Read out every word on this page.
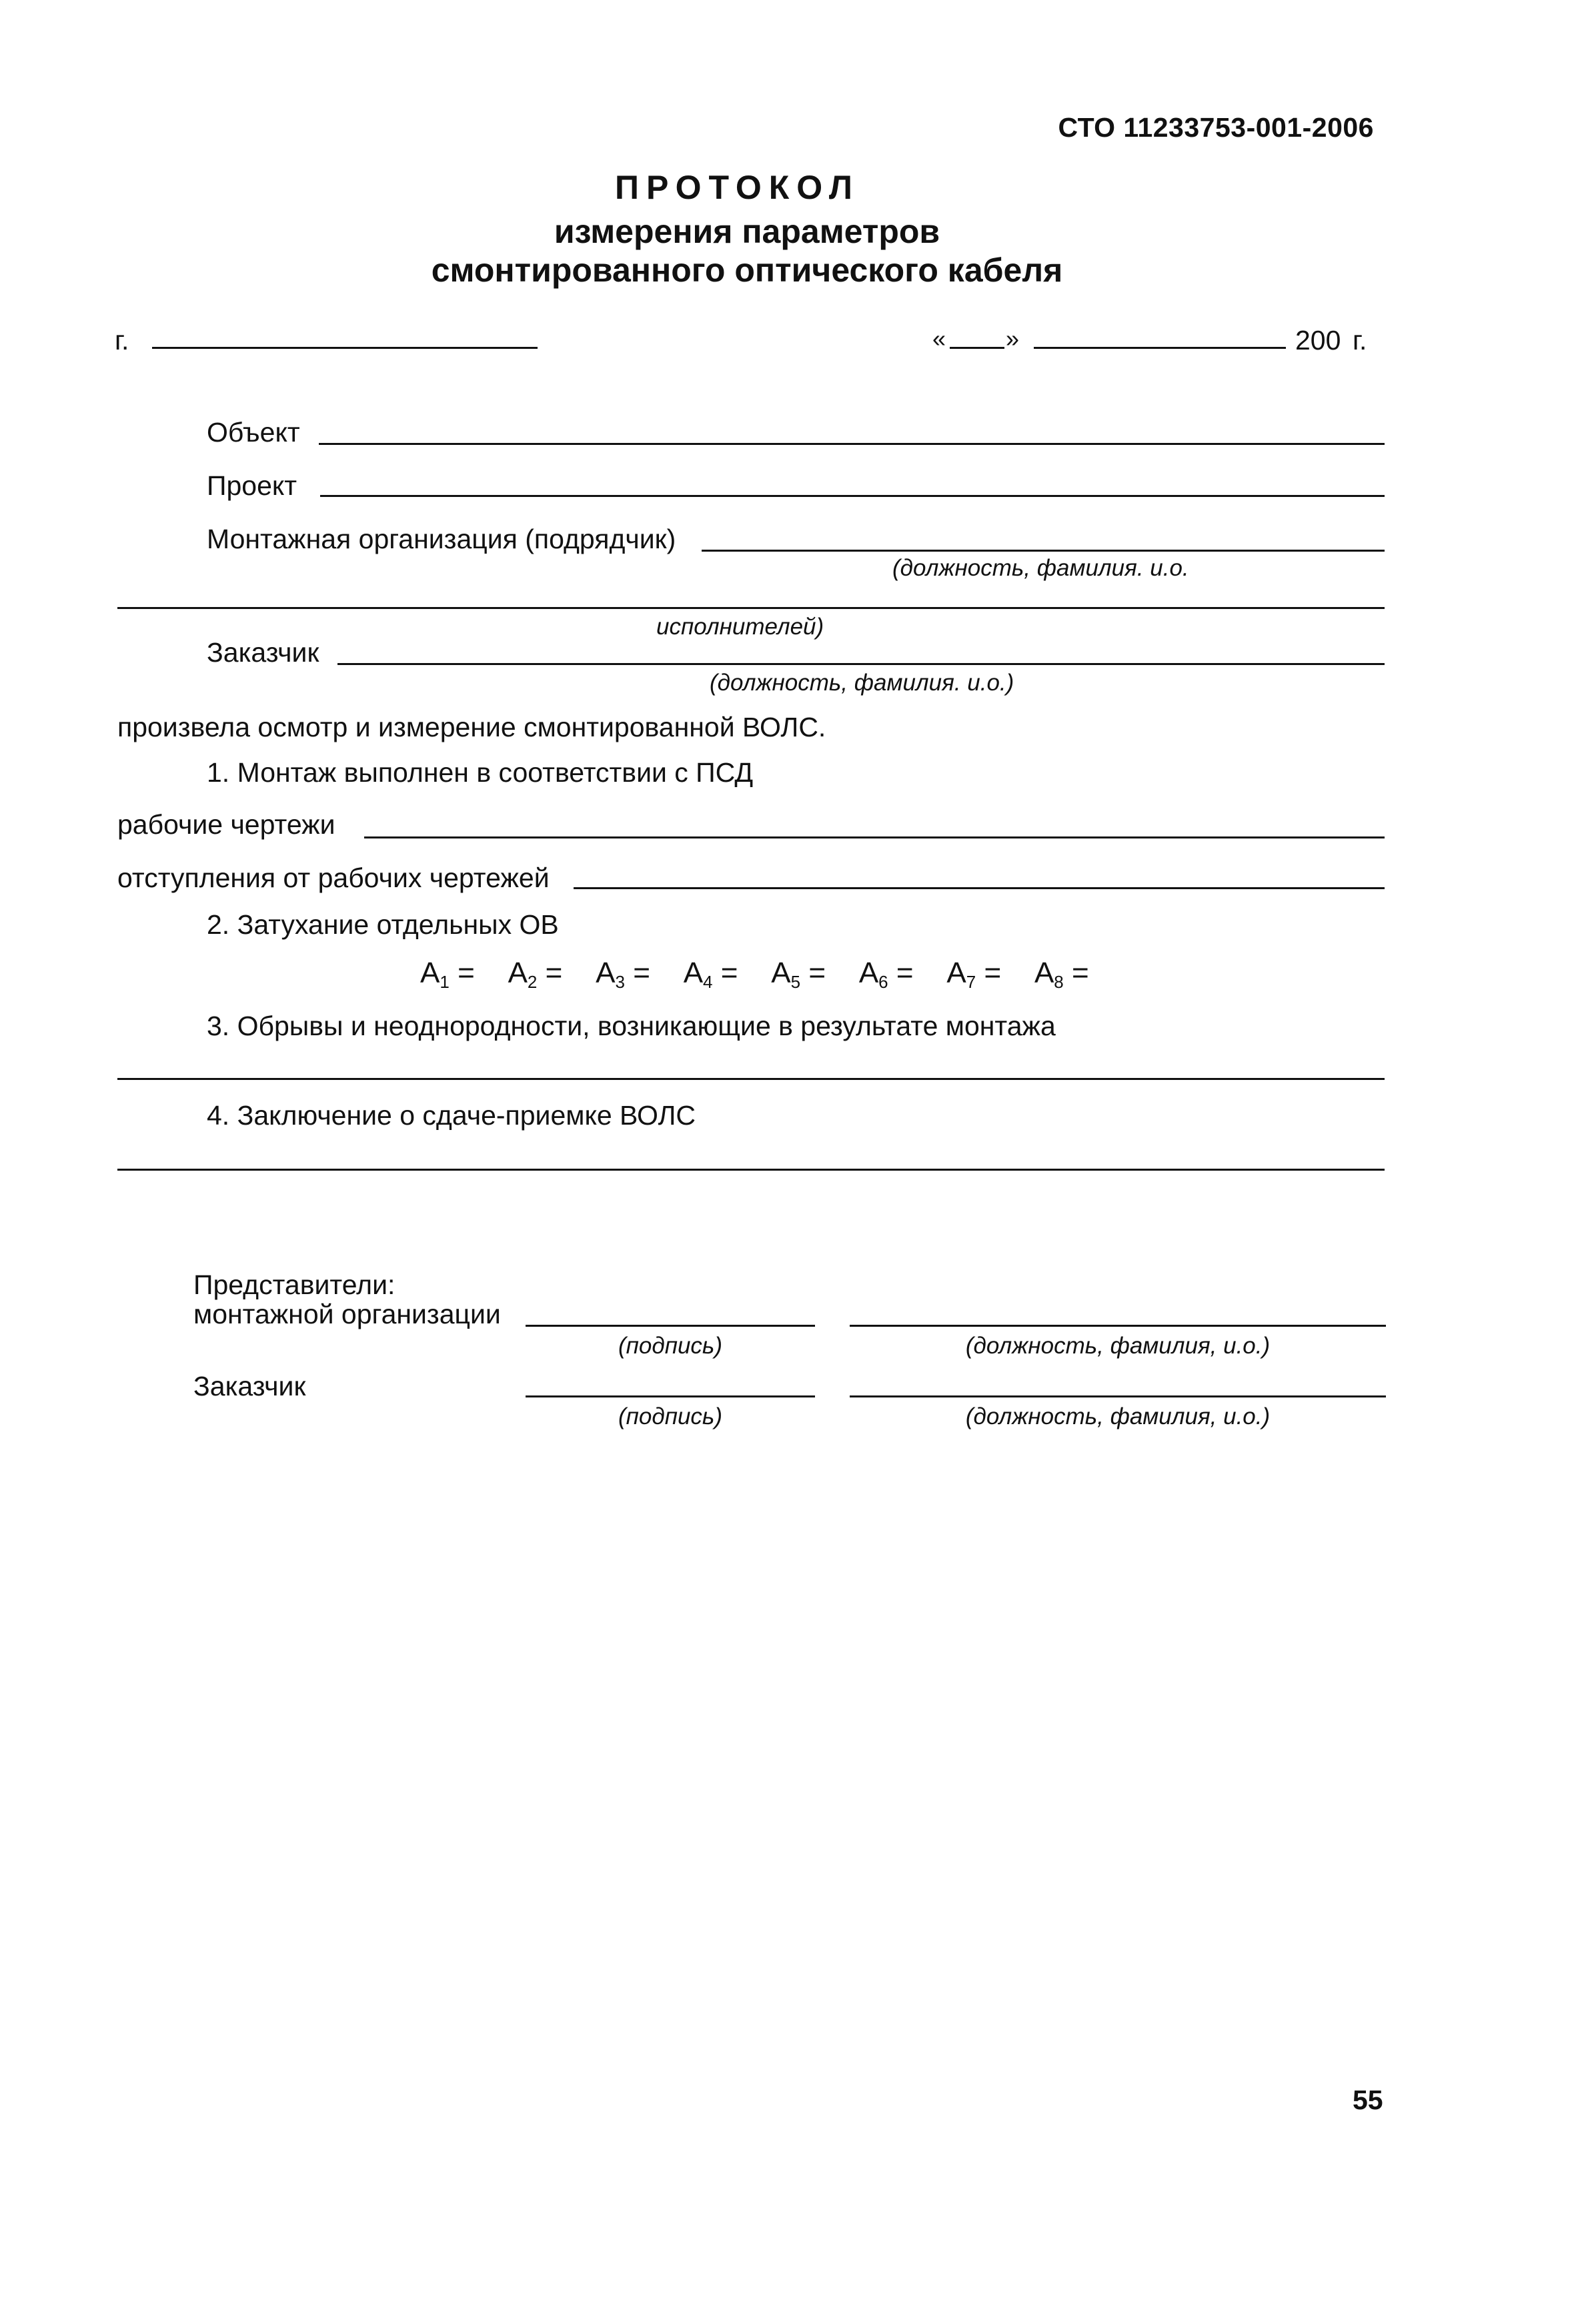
СТО 11233753-001-2006
ПРОТОКОЛ
измерения параметров
смонтированного оптического кабеля
г.	« »	200 г.
Объект
Проект
Монтажная организация (подрядчик)
(должность, фамилия. и.о.
исполнителей)
Заказчик
(должность, фамилия. и.о.)
произвела осмотр и измерение смонтированной ВОЛС.
1. Монтаж выполнен в соответствии с ПСД
рабочие чертежи
отступления от рабочих чертежей
2. Затухание отдельных ОВ
$A_1 = A_2 = A_3 = A_4 = A_5 = A_6 = A_7 = A_8$ =
3. Обрывы и неоднородности, возникающие в результате монтажа
4. Заключение о сдаче-приемке ВОЛС
Представители:
монтажной организации
(подпись)	(должность, фамилия, и.о.)
Заказчик
(подпись)	(должность, фамилия, и.о.)
55
